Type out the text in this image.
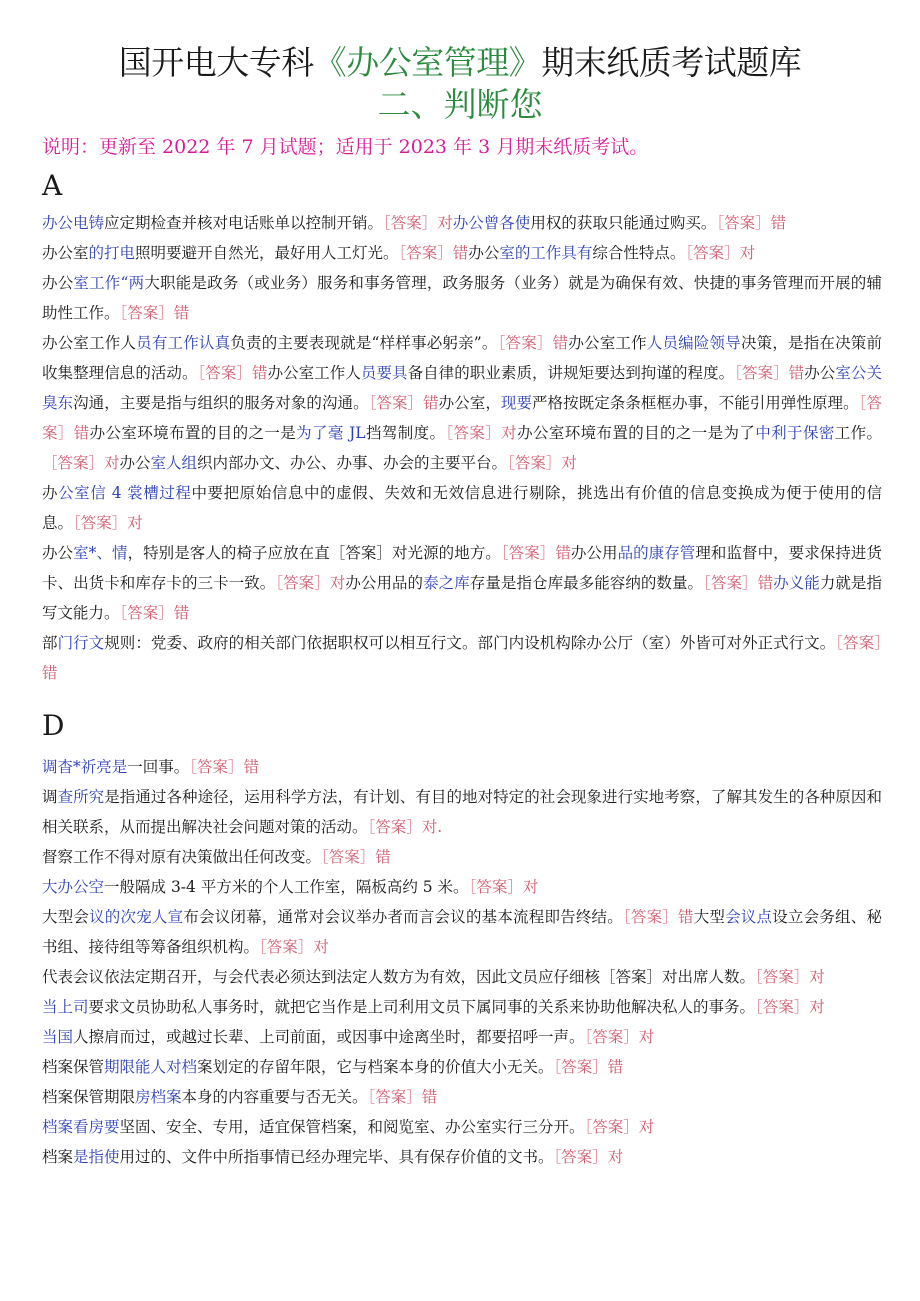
国开电大专科《办公室管理》期末纸质考试题库
二、判断您
说明：更新至 2022 年 7 月试题；适用于 2023 年 3 月期末纸质考试。
A

办公电铸应定期检查并核对电话账单以控制开销。［答案］对办公曾各使用权的获取只能通过购买。［答案］错

办公室的打电照明要避开自然光，最好用人工灯光。［答案］错办公室的工作具有综合性特点。［答案］对

办公室工作“两大职能是政务（或业务）服务和事务管理，政务服务（业务）就是为确保有效、快捷的事务管理而开展的辅助性工作。［答案］错

办公室工作人员有工作认真负责的主要表现就是“样样事必躬亲”。［答案］错办公室工作人员编险领导决策，是指在决策前收集整理信息的活动。［答案］错办公室工作人员要具备自律的职业素质，讲规矩要达到拘谨的程度。［答案］错办公室公关臭东沟通，主要是指与组织的服务对象的沟通。［答案］错办公室，现要严格按既定条条框框办事，不能引用弹性原理。［答案］错办公室环境布置的目的之一是为了毫 JL挡驾制度。［答案］对办公室环境布置的目的之一是为了中利于保密工作。［答案］对办公室人组织内部办文、办公、办事、办会的主要平台。［答案］对

办公室信 4 裳槽过程中要把原始信息中的虚假、失效和无效信息进行剔除，挑选出有价值的信息变换成为便于使用的信息。［答案］对

办公室*、情，特别是客人的椅子应放在直［答案］对光源的地方。［答案］错办公用品的康存管理和监督中，要求保持进货卡、出货卡和库存卡的三卡一致。［答案］对办公用品的泰之库存量是指仓库最多能容纳的数量。［答案］错办义能力就是指写文能力。［答案］错

部门行文规则：党委、政府的相关部门依据职权可以相互行文。部门内设机构除办公厅（室）外皆可对外正式行文。［答案］错

D

调杳*祈亮是一回事。［答案］错

调查所究是指通过各种途径，运用科学方法，有计划、有目的地对特定的社会现象进行实地考察，了解其发生的各种原因和相关联系，从而提出解决社会问题对策的活动。［答案］对.

督察工作不得对原有决策做出任何改变。［答案］错

大办公空一般隔成 3-4 平方米的个人工作室，隔板高约 5 米。［答案］对

大型会议的次宠人宣布会议闭幕，通常对会议举办者而言会议的基本流程即告终结。［答案］错大型会议点设立会务组、秘书组、接待组等筹备组织机构。［答案］对

代表会议依法定期召开，与会代表必须达到法定人数方为有效，因此文员应仔细核［答案］对出席人数。［答案］对

当上司要求文员协助私人事务时，就把它当作是上司利用文员下属同事的关系来协助他解决私人的事务。［答案］对

当国人擦肩而过，或越过长辈、上司前面，或因事中途离坐时，都要招呼一声。［答案］对

档案保管期限能人对档案划定的存留年限，它与档案本身的价值大小无关。［答案］错

档案保管期限房档案本身的内容重要与否无关。［答案］错

档案看房要坚固、安全、专用，适宜保管档案，和阅览室、办公室实行三分开。［答案］对

档案是指使用过的、文件中所指事情已经办理完毕、具有保存价值的文书。［答案］对
